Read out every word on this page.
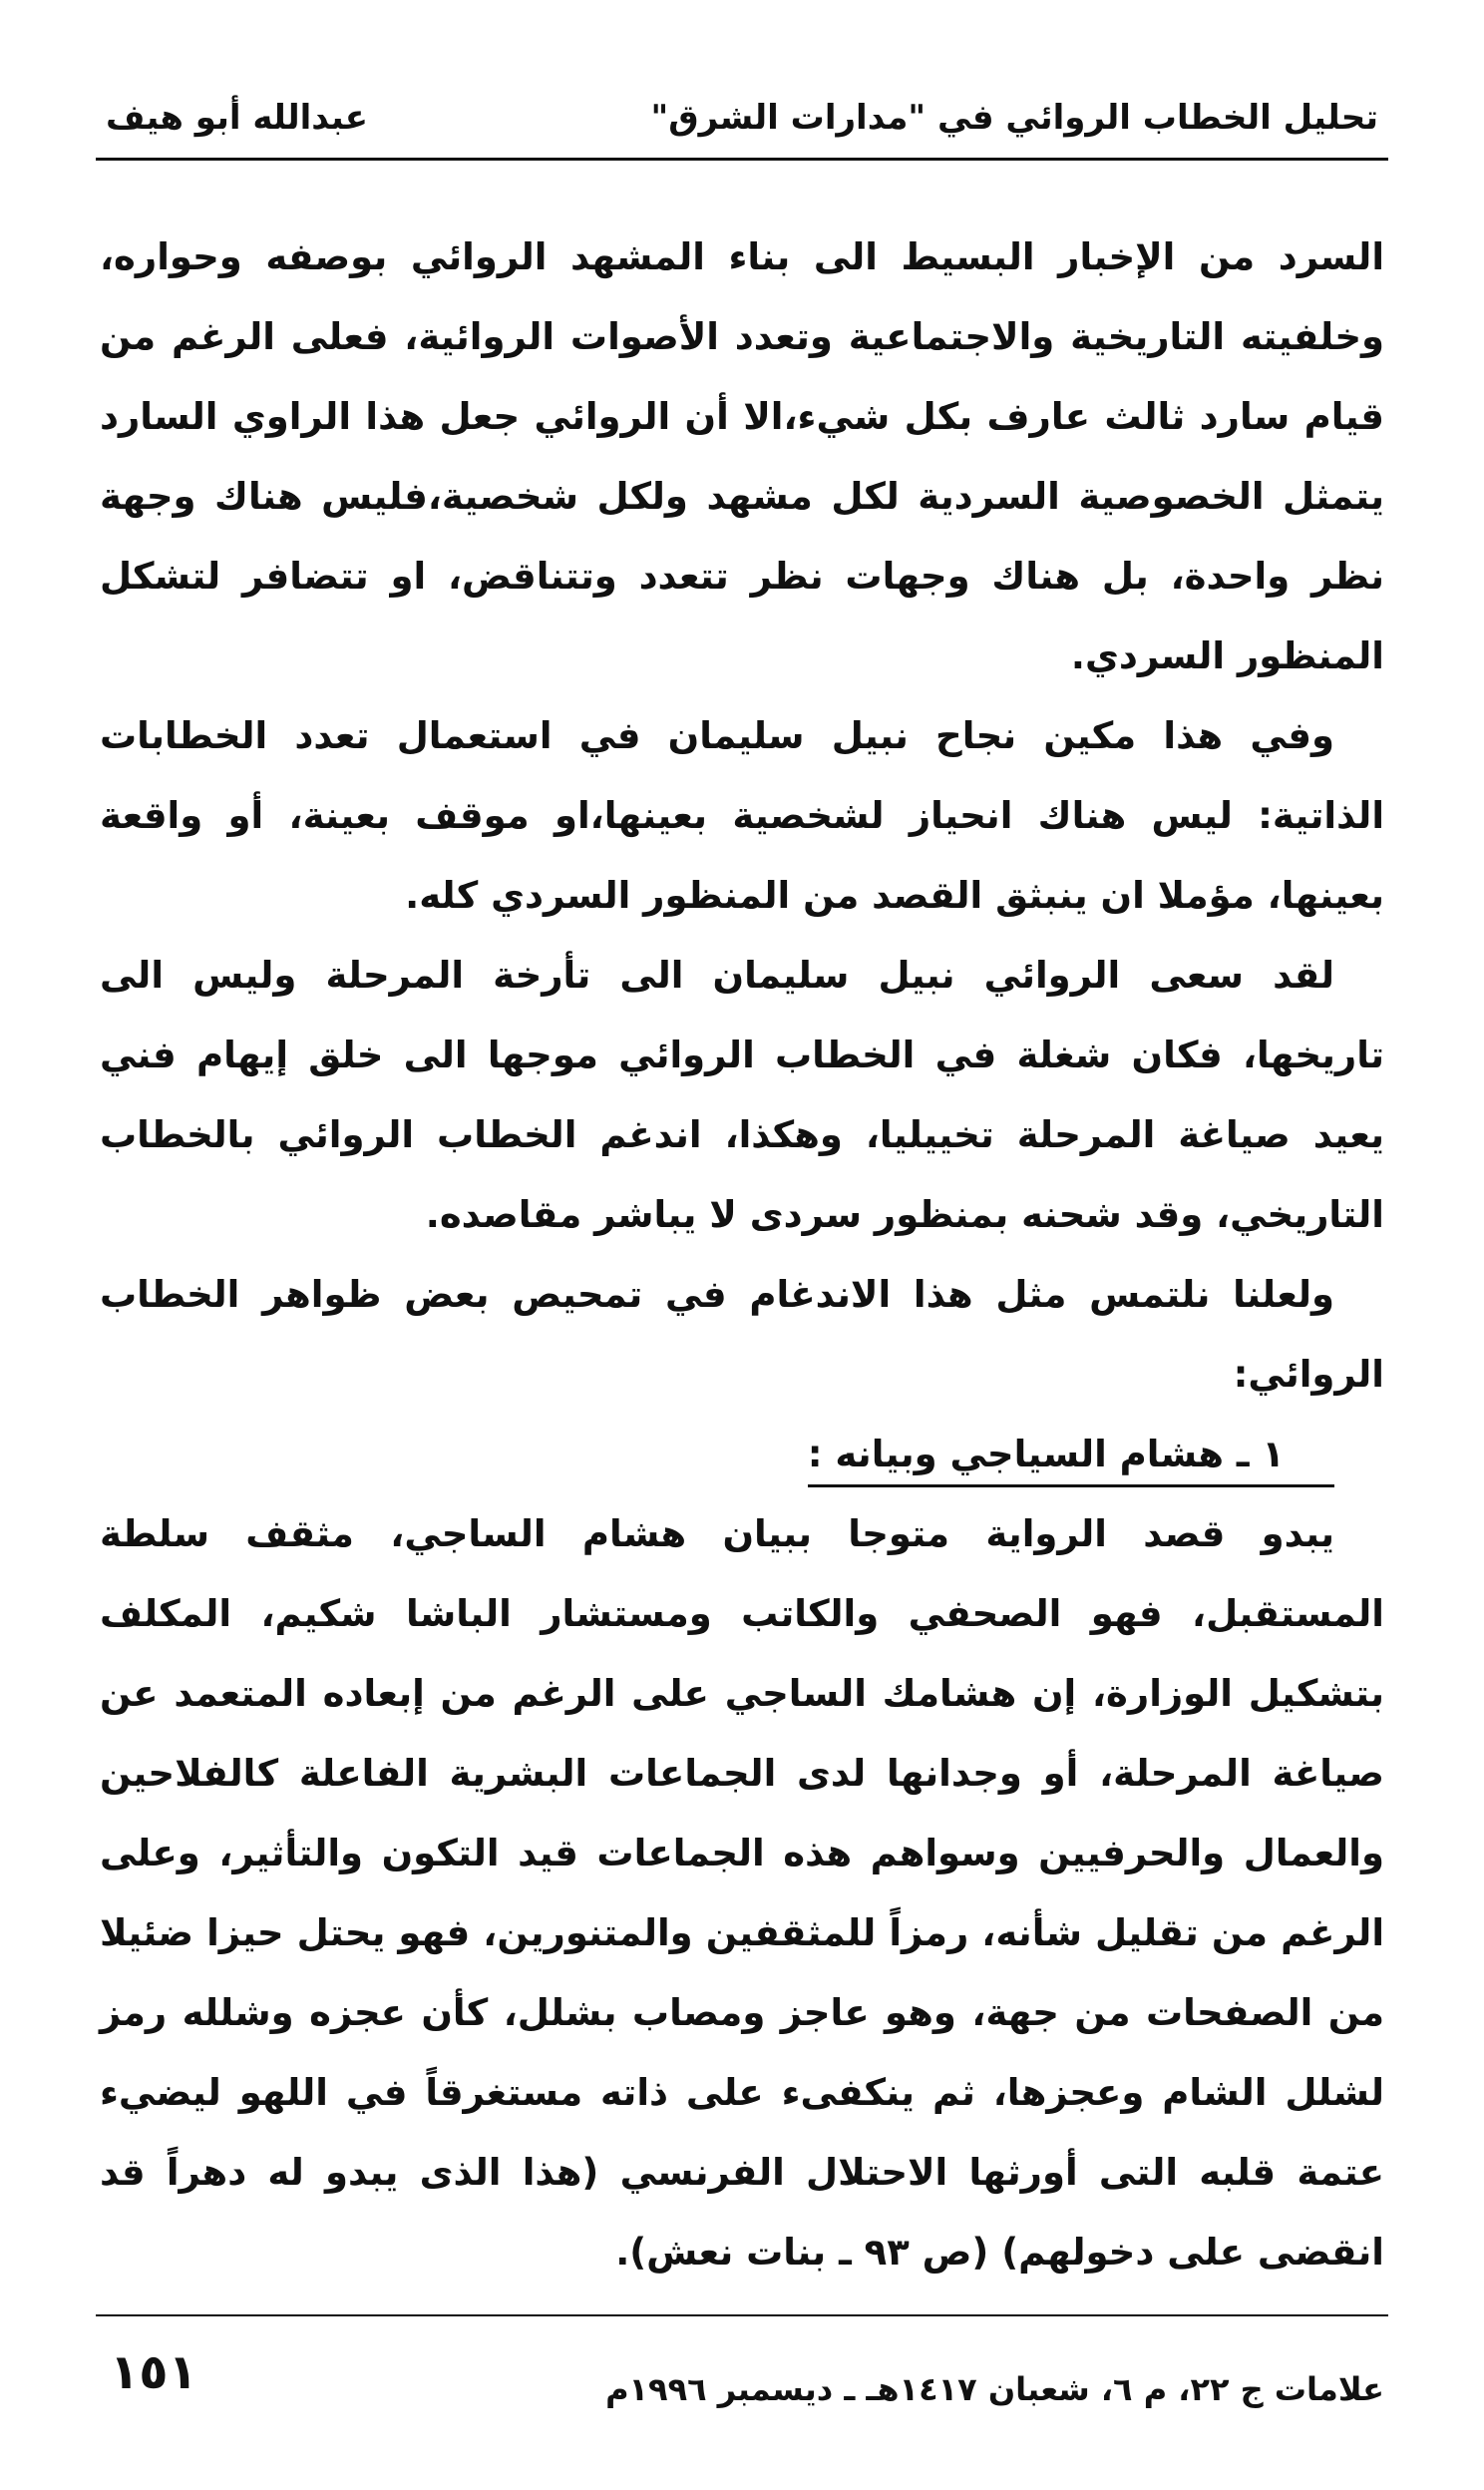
تحليل الخطاب الروائي في "مدارات الشرق"
عبدالله أبو هيف

السرد من الإخبار البسيط الى بناء المشهد الروائي بوصفه وحواره، وخلفيته التاريخية والاجتماعية وتعدد الأصوات الروائية، فعلى الرغم من قيام سارد ثالث عارف بكل شيء،الا أن الروائي جعل هذا الراوي السارد يتمثل الخصوصية السردية لكل مشهد ولكل شخصية،فليس هناك وجهة نظر واحدة، بل هناك وجهات نظر تتعدد وتتناقض، او تتضافر لتشكل المنظور السردي.

وفي هذا مكين نجاح نبيل سليمان في استعمال تعدد الخطابات الذاتية: ليس هناك انحياز لشخصية بعينها،او موقف بعينة، أو واقعة بعينها، مؤملا ان ينبثق القصد من المنظور السردي كله.

لقد سعى الروائي نبيل سليمان الى تأرخة المرحلة وليس الى تاريخها، فكان شغلة في الخطاب الروائي موجها الى خلق إيهام فني يعيد صياغة المرحلة تخييليا، وهكذا، اندغم الخطاب الروائي بالخطاب التاريخي، وقد شحنه بمنظور سردى لا يباشر مقاصده.

ولعلنا نلتمس مثل هذا الاندغام في تمحيص بعض ظواهر الخطاب الروائي:

١ ـ هشام السياجي وبيانه :

يبدو قصد الرواية متوجا ببيان هشام الساجي، مثقف سلطة المستقبل، فهو الصحفي والكاتب ومستشار الباشا شكيم، المكلف بتشكيل الوزارة، إن هشامك الساجي على الرغم من إبعاده المتعمد عن صياغة المرحلة، أو وجدانها لدى الجماعات البشرية الفاعلة كالفلاحين والعمال والحرفيين وسواهم هذه الجماعات قيد التكون والتأثير، وعلى الرغم من تقليل شأنه، رمزاً للمثقفين والمتنورين، فهو يحتل حيزا ضئيلا من الصفحات من جهة، وهو عاجز ومصاب بشلل، كأن عجزه وشلله رمز لشلل الشام وعجزها، ثم ينكفىء على ذاته مستغرقاً في اللهو ليضيء عتمة قلبه التى أورثها الاحتلال الفرنسي (هذا الذى يبدو له دهراً قد انقضى على دخولهم) (ص ٩٣ ـ بنات نعش).

علامات ج ٢٢، م ٦، شعبان ١٤١٧هـ ـ ديسمبر ١٩٩٦م
١٥١
